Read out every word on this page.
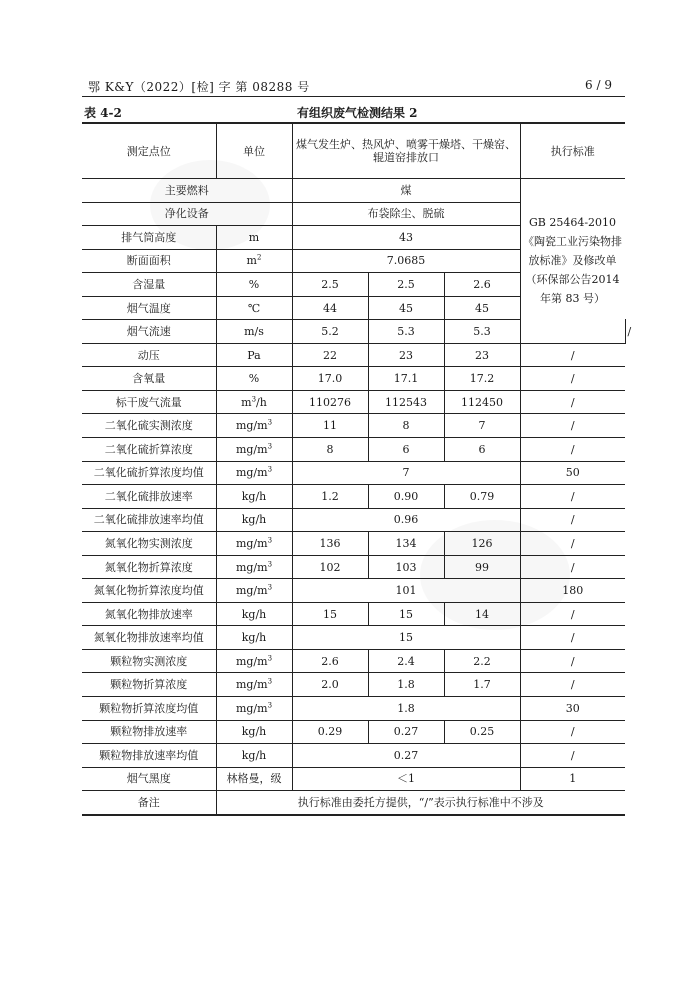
鄂 K&Y（2022）[检] 字 第 08288 号	6 / 9
表 4-2	有组织废气检测结果 2
测定点位	单位	煤气发生炉、热风炉、喷雾干燥塔、干燥窑、辊道窑排放口			执行标准	
主要燃料		煤			GB 25464-2010《陶瓷工业污染物排放标准》及修改单（环保部公告2014年第 83 号）	
净化设备		布袋除尘、脱硫				
排气筒高度	m	43				
断面面积	$m^2$	7.0685				
含湿量	%	2.5	2.5	2.6		
烟气温度	℃	44	45	45		
烟气流速	m/s	5.2	5.3	5.3		/
动压	Pa	22	23	23	/	
含氧量	%	17.0	17.1	17.2	/	
标干废气流量	$m^3/h$	110276	112543	112450	/	
二氧化硫实测浓度	$mg/m^3$	11	8	7	/	
二氧化硫折算浓度	$mg/m^3$	8	6	6	/	
二氧化硫折算浓度均值	$mg/m^3$	7			50	
二氧化硫排放速率	kg/h	1.2	0.90	0.79	/	
二氧化硫排放速率均值	kg/h	0.96			/	
氮氧化物实测浓度	$mg/m^3$	136	134	126	/	
氮氧化物折算浓度	$mg/m^3$	102	103	99	/	
氮氧化物折算浓度均值	$mg/m^3$	101			180	
氮氧化物排放速率	kg/h	15	15	14	/	
氮氧化物排放速率均值	kg/h	15			/	
颗粒物实测浓度	$mg/m^3$	2.6	2.4	2.2	/	
颗粒物折算浓度	$mg/m^3$	2.0	1.8	1.7	/	
颗粒物折算浓度均值	$mg/m^3$	1.8			30	
颗粒物排放速率	kg/h	0.29	0.27	0.25	/	
颗粒物排放速率均值	kg/h	0.27			/	
烟气黑度	林格曼，级	＜1			1	
备注	执行标准由委托方提供，“/”表示执行标准中不涉及					
